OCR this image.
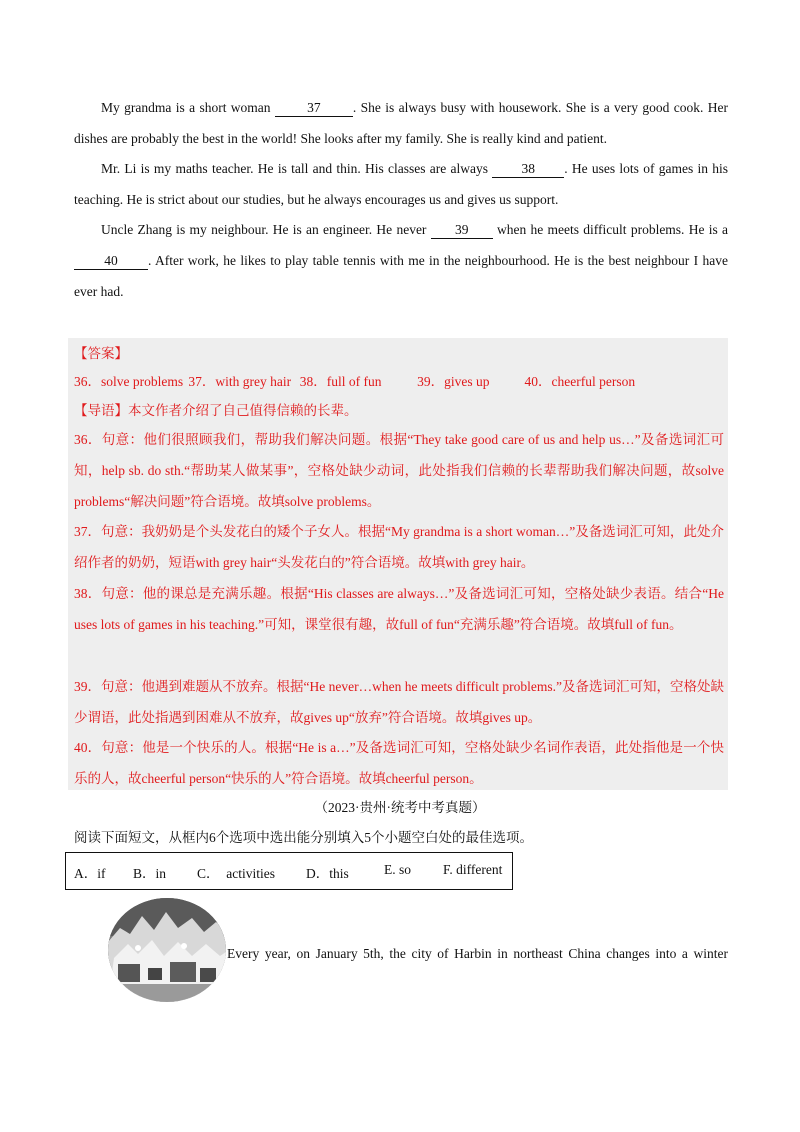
My grandma is a short woman 37 . She is always busy with housework. She is a very good cook. Her dishes are probably the best in the world! She looks after my family. She is really kind and patient.

Mr. Li is my maths teacher. He is tall and thin. His classes are always 38 . He uses lots of games in his teaching. He is strict about our studies, but he always encourages us and gives us support.

Uncle Zhang is my neighbour. He is an engineer. He never 39 when he meets difficult problems. He is a 40 . After work, he likes to play table tennis with me in the neighbourhood. He is the best neighbour I have ever had.

【答案】

36．solve problems 37．with grey hair 38．full of fun	39．gives up	40．cheerful person

【导语】本文作者介绍了自己值得信赖的长辈。

36．句意：他们很照顾我们，帮助我们解决问题。根据“They take good care of us and help us…”及备选词汇可知，help sb. do sth.“帮助某人做某事”，空格处缺少动词，此处指我们信赖的长辈帮助我们解决问题，故solve problems“解决问题”符合语境。故填solve problems。

37．句意：我奶奶是个头发花白的矮个子女人。根据“My grandma is a short woman…”及备选词汇可知，此处介绍作者的奶奶，短语with grey hair“头发花白的”符合语境。故填with grey hair。

38．句意：他的课总是充满乐趣。根据“His classes are always…”及备选词汇可知，空格处缺少表语。结合“He uses lots of games in his teaching.”可知，课堂很有趣，故full of fun“充满乐趣”符合语境。故填full of fun。

39．句意：他遇到难题从不放弃。根据“He never…when he meets difficult problems.”及备选词汇可知，空格处缺少谓语，此处指遇到困难从不放弃，故gives up“放弃”符合语境。故填gives up。

40．句意：他是一个快乐的人。根据“He is a…”及备选词汇可知，空格处缺少名词作表语，此处指他是一个快乐的人，故cheerful person“快乐的人”符合语境。故填cheerful person。

（2023·贵州·统考中考真题）

阅读下面短文，从框内6个选项中选出能分别填入5个小题空白处的最佳选项。

A．if B．in C．　activities D．this	E. so F. different

Every year, on January 5th, the city of Harbin in northeast China changes into a winter
